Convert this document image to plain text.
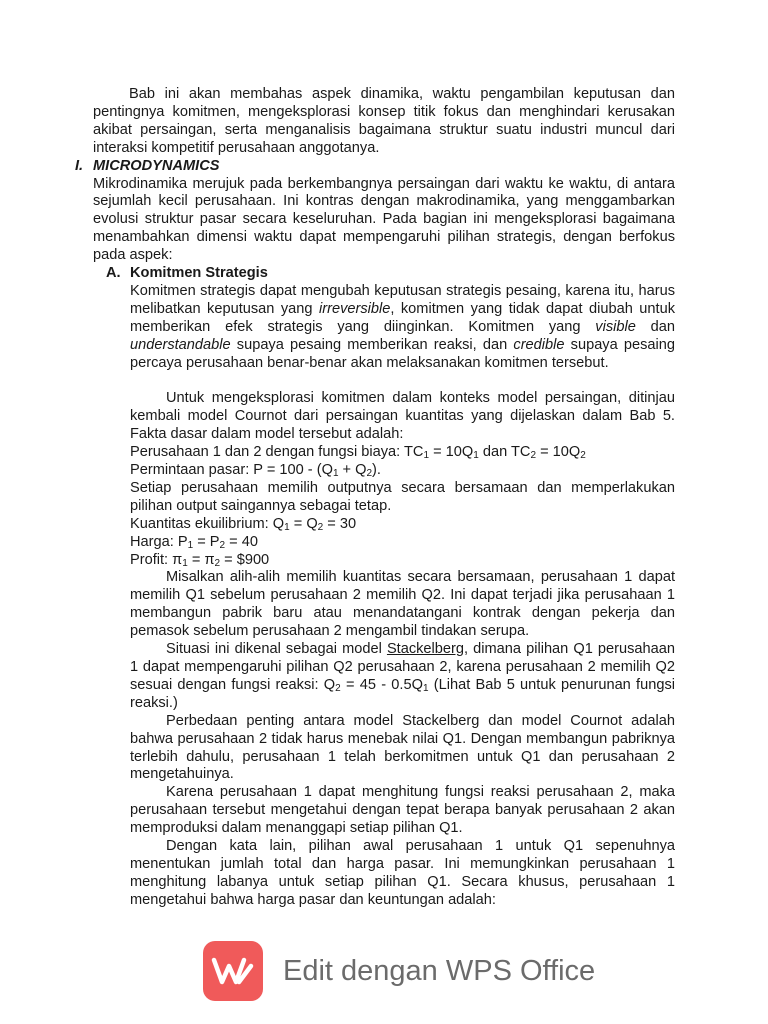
Bab ini akan membahas aspek dinamika, waktu pengambilan keputusan dan pentingnya komitmen, mengeksplorasi konsep titik fokus dan menghindari kerusakan akibat persaingan, serta menganalisis bagaimana struktur suatu industri muncul dari interaksi kompetitif perusahaan anggotanya.

I. MICRODYNAMICS

Mikrodinamika merujuk pada berkembangnya persaingan dari waktu ke waktu, di antara sejumlah kecil perusahaan. Ini kontras dengan makrodinamika, yang menggambarkan evolusi struktur pasar secara keseluruhan. Pada bagian ini mengeksplorasi bagaimana menambahkan dimensi waktu dapat mempengaruhi pilihan strategis, dengan berfokus pada aspek:

A. Komitmen Strategis

Komitmen strategis dapat mengubah keputusan strategis pesaing, karena itu, harus melibatkan keputusan yang irreversible, komitmen yang tidak dapat diubah untuk memberikan efek strategis yang diinginkan. Komitmen yang visible dan understandable supaya pesaing memberikan reaksi, dan credible supaya pesaing percaya perusahaan benar-benar akan melaksanakan komitmen tersebut.

Untuk mengeksplorasi komitmen dalam konteks model persaingan, ditinjau kembali model Cournot dari persaingan kuantitas yang dijelaskan dalam Bab 5. Fakta dasar dalam model tersebut adalah:

Perusahaan 1 dan 2 dengan fungsi biaya: $TC_1 = 10Q_1$ dan $TC_2 = 10Q_2$

Permintaan pasar: $P = 100 - (Q_1 + Q_2)$.

Setiap perusahaan memilih outputnya secara bersamaan dan memperlakukan pilihan output saingannya sebagai tetap.

Kuantitas ekuilibrium: $Q_1 = Q_2 = 30$

Harga: $P_1 = P_2 = 40$

Profit: $\pi_1 = \pi_2$ = $900

Misalkan alih-alih memilih kuantitas secara bersamaan, perusahaan 1 dapat memilih Q1 sebelum perusahaan 2 memilih Q2. Ini dapat terjadi jika perusahaan 1 membangun pabrik baru atau menandatangani kontrak dengan pekerja dan pemasok sebelum perusahaan 2 mengambil tindakan serupa.

Situasi ini dikenal sebagai model Stackelberg, dimana pilihan Q1 perusahaan 1 dapat mempengaruhi pilihan Q2 perusahaan 2, karena perusahaan 2 memilih Q2 sesuai dengan fungsi reaksi: $Q_2 = 45 - 0.5Q_1$ (Lihat Bab 5 untuk penurunan fungsi reaksi.)

Perbedaan penting antara model Stackelberg dan model Cournot adalah bahwa perusahaan 2 tidak harus menebak nilai Q1. Dengan membangun pabriknya terlebih dahulu, perusahaan 1 telah berkomitmen untuk Q1 dan perusahaan 2 mengetahuinya.

Karena perusahaan 1 dapat menghitung fungsi reaksi perusahaan 2, maka perusahaan tersebut mengetahui dengan tepat berapa banyak perusahaan 2 akan memproduksi dalam menanggapi setiap pilihan Q1.

Dengan kata lain, pilihan awal perusahaan 1 untuk Q1 sepenuhnya menentukan jumlah total dan harga pasar. Ini memungkinkan perusahaan 1 menghitung labanya untuk setiap pilihan Q1. Secara khusus, perusahaan 1 mengetahui bahwa harga pasar dan keuntungan adalah:

Edit dengan WPS Office
